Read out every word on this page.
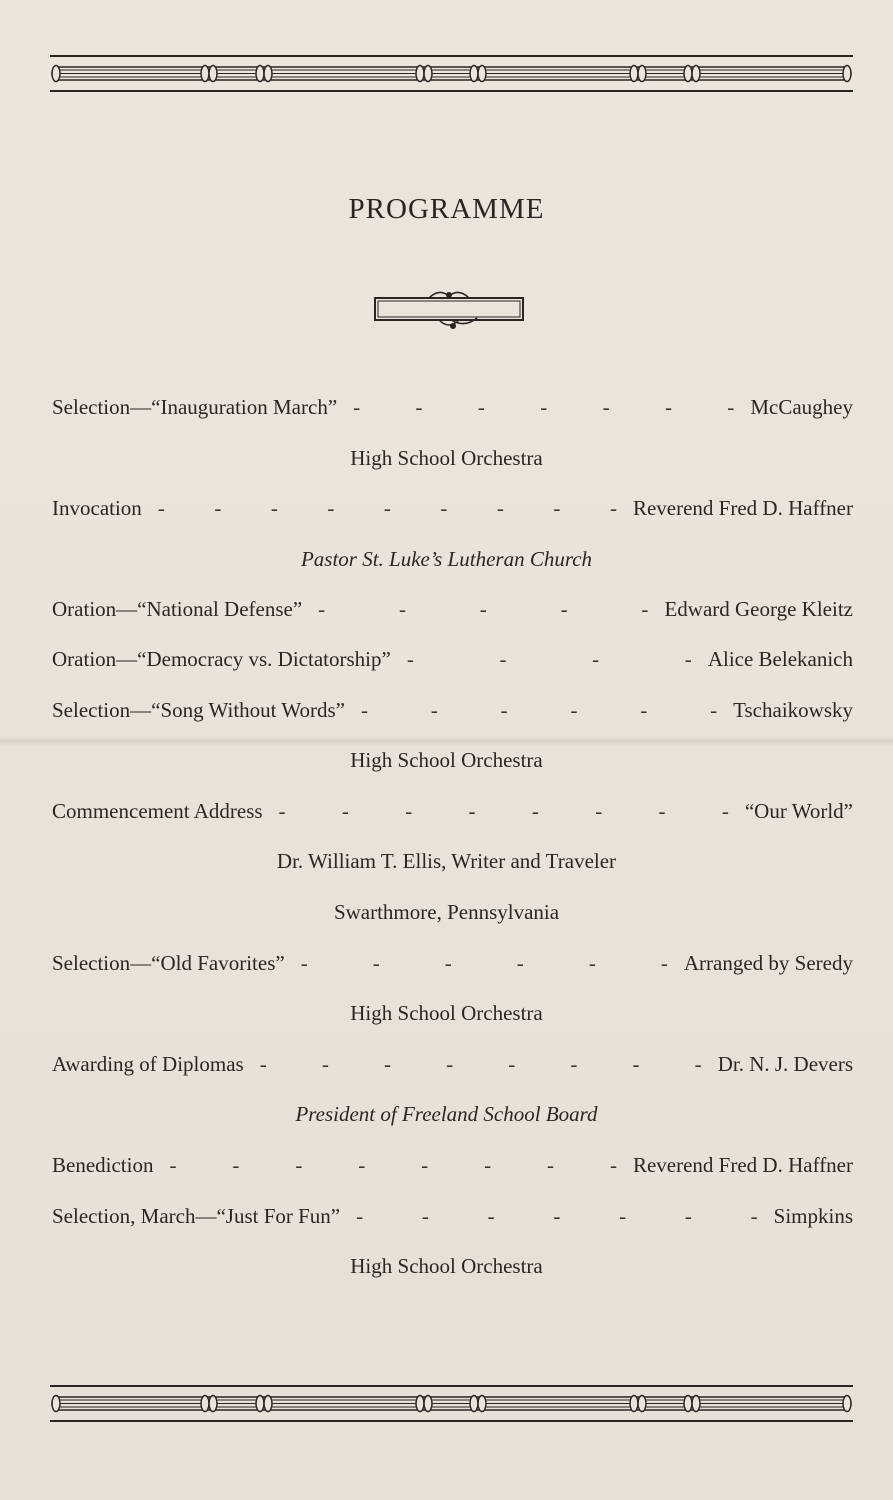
PROGRAMME
Selection—“Inauguration March” -	-	-	-	-	-	- McCaughey
High School Orchestra
Invocation - - - - - - - - - Reverend Fred D. Haffner
Pastor St. Luke’s Lutheran Church
Oration—“National Defense” -	-	-	-	- Edward George Kleitz
Oration—“Democracy vs. Dictatorship” -	-	-	- Alice Belekanich
Selection—“Song Without Words” -	-	-	-	-	- Tschaikowsky
High School Orchestra
Commencement Address -	-	-	-	-	-	-	- “Our World”
Dr. William T. Ellis, Writer and Traveler
Swarthmore, Pennsylvania
Selection—“Old Favorites” -	-	-	-	-	- Arranged by Seredy
High School Orchestra
Awarding of Diplomas -	-	-	-	-	-	-	- Dr. N. J. Devers
President of Freeland School Board
Benediction -	-	-	-	-	-	-	- Reverend Fred D. Haffner
Selection, March—“Just For Fun” -	-	-	-	-	-	- Simpkins
High School Orchestra
